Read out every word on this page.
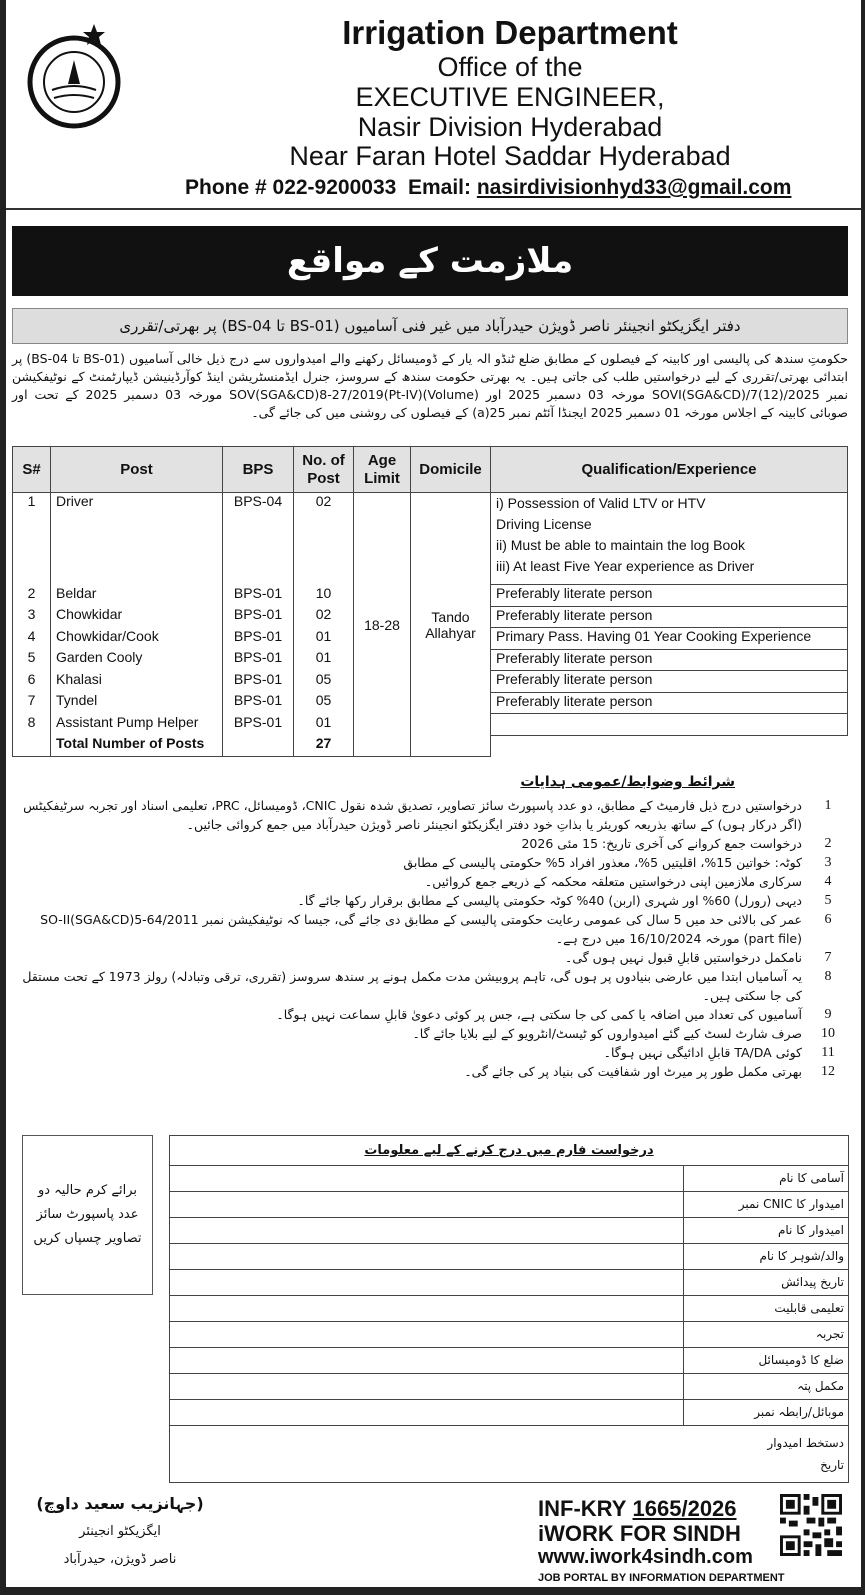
Irrigation Department
Office of the
EXECUTIVE ENGINEER,
Nasir Division Hyderabad
Near Faran Hotel Saddar Hyderabad
Phone # 022-9200033 Email: nasirdivisionhyd33@gmail.com
ملازمت کے مواقع
دفتر ایگزیکٹو انجینئر ناصر ڈویژن حیدرآباد میں غیر فنی آسامیوں (BS-01 تا BS-04) پر بھرتی/تقرری
حکومتِ سندھ کی پالیسی اور کابینہ کے فیصلوں کے مطابق ضلع ٹنڈو الہ یار کے ڈومیسائل رکھنے والے امیدواروں سے درج ذیل خالی آسامیوں (BS-01 تا BS-04) پر ابتدائی بھرتی/تقرری کے لیے درخواستیں طلب کی جاتی ہیں۔ یہ بھرتی حکومت سندھ کے سروسز، جنرل ایڈمنسٹریشن اینڈ کوآرڈینیشن ڈیپارٹمنٹ کے نوٹیفکیشن نمبر SOVI(SGA&CD)/7(12)/2025 مورخہ 03 دسمبر 2025 اور SOV(SGA&CD)8-27/2019(Pt-IV)(Volume) مورخہ 03 دسمبر 2025 کے تحت اور صوبائی کابینہ کے اجلاس مورخہ 01 دسمبر 2025 ایجنڈا آئٹم نمبر 25(a) کے فیصلوں کی روشنی میں کی جائے گی۔
S#	Post	BPS	No. of Post	Age Limit	Domicile	Qualification/Experience
1	Driver	BPS-04	02	18-28	Tando Allahyar	i) Possession of Valid LTV or HTV
Driving License
ii) Must be able to maintain the log Book
iii) At least Five Year experience as Driver

2	Beldar	BPS-01	10			Preferably literate person

3	Chowkidar	BPS-01	02			Preferably literate person

4	Chowkidar/Cook	BPS-01	01			Primary Pass. Having 01 Year Cooking Experience

5	Garden Cooly	BPS-01	01			Preferably literate person

6	Khalasi	BPS-01	05			Preferably literate person

7	Tyndel	BPS-01	05			Preferably literate person

8	Assistant Pump Helper	BPS-01	01			

	Total Number of Posts		27			
شرائط وضوابط/عمومی ہدایات
1
درخواستیں درج ذیل فارمیٹ کے مطابق، دو عدد پاسپورٹ سائز تصاویر، تصدیق شدہ نقول CNIC، ڈومیسائل، PRC، تعلیمی اسناد اور تجربہ سرٹیفکیٹس (اگر درکار ہوں) کے ساتھ بذریعہ کوریئر یا بذاتِ خود دفتر ایگزیکٹو انجینئر ناصر ڈویژن حیدرآباد میں جمع کروائی جائیں۔
2
درخواست جمع کروانے کی آخری تاریخ: 15 مئی 2026
3
کوٹہ: خواتین 15%، اقلیتیں 5%، معذور افراد 5% حکومتی پالیسی کے مطابق
4
سرکاری ملازمین اپنی درخواستیں متعلقہ محکمہ کے ذریعے جمع کروائیں۔
5
دیہی (رورل) 60% اور شہری (اربن) 40% کوٹہ حکومتی پالیسی کے مطابق برقرار رکھا جائے گا۔
6
عمر کی بالائی حد میں 5 سال کی عمومی رعایت حکومتی پالیسی کے مطابق دی جائے گی، جیسا کہ نوٹیفکیشن نمبر SO-II(SGA&CD)5-64/2011 (part file) مورخہ 16/10/2024 میں درج ہے۔
7
نامکمل درخواستیں قابلِ قبول نہیں ہوں گی۔
8
یہ آسامیاں ابتدا میں عارضی بنیادوں پر ہوں گی، تاہم پروبیشن مدت مکمل ہونے پر سندھ سروسز (تقرری، ترقی وتبادلہ) رولز 1973 کے تحت مستقل کی جا سکتی ہیں۔
9
آسامیوں کی تعداد میں اضافہ یا کمی کی جا سکتی ہے، جس پر کوئی دعویٰ قابلِ سماعت نہیں ہوگا۔
10
صرف شارٹ لسٹ کیے گئے امیدواروں کو ٹیسٹ/انٹرویو کے لیے بلایا جائے گا۔
11
کوئی TA/DA قابلِ ادائیگی نہیں ہوگا۔
12
بھرتی مکمل طور پر میرٹ اور شفافیت کی بنیاد پر کی جائے گی۔
برائے کرم حالیہ دو عدد پاسپورٹ سائز تصاویر چسپاں کریں
درخواست فارم میں درج کرنے کے لیے معلومات
آسامی کا نام
امیدوار کا CNIC نمبر
امیدوار کا نام
والد/شوہر کا نام
تاریخ پیدائش
تعلیمی قابلیت
تجربہ
ضلع کا ڈومیسائل
مکمل پتہ
موبائل/رابطہ نمبر
دستخط امیدوار
تاریخ
(جہانزیب سعید داوچ)
ایگزیکٹو انجینئر
ناصر ڈویژن، حیدرآباد
INF-KRY 1665/2026
iWORK FOR SINDH
www.iwork4sindh.com
JOB PORTAL BY INFORMATION DEPARTMENT
